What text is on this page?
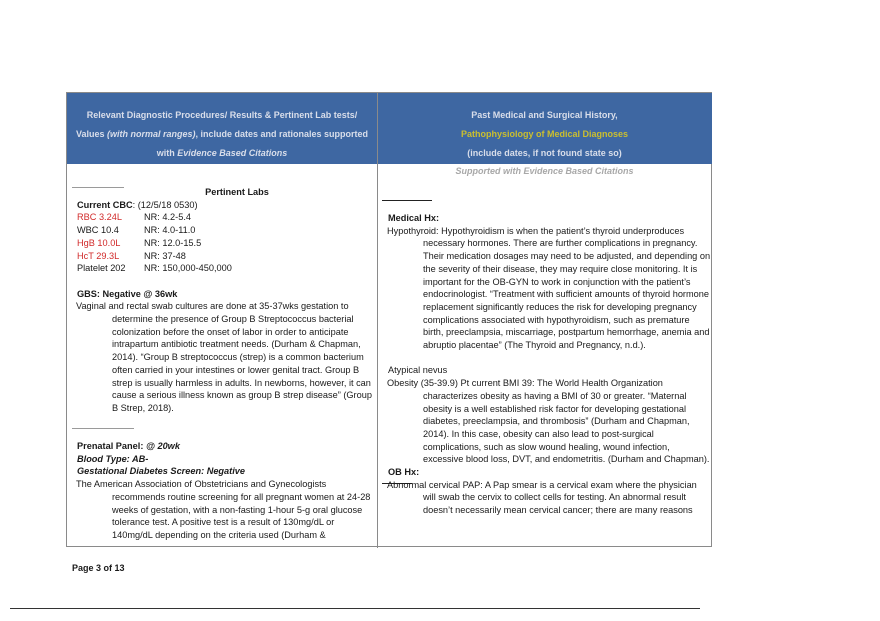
Relevant Diagnostic Procedures/ Results & Pertinent Lab tests/
Values (with normal ranges), include dates and rationales supported
with Evidence Based Citations
Past Medical and Surgical History,
Pathophysiology of Medical Diagnoses
(include dates, if not found state so)
Supported with Evidence Based Citations
Pertinent Labs
Current CBC: (12/5/18 0530)
RBC 3.24L	NR: 4.2-5.4
WBC 10.4	NR: 4.0-11.0
HgB 10.0L	NR: 12.0-15.5
HcT 29.3L	NR: 37-48
Platelet 202	NR: 150,000-450,000
GBS: Negative @ 36wk
Vaginal and rectal swab cultures are done at 35-37wks gestation to determine the presence of Group B Streptococcus bacterial colonization before the onset of labor in order to anticipate intrapartum antibiotic treatment needs. (Durham & Chapman, 2014). “Group B streptococcus (strep) is a common bacterium often carried in your intestines or lower genital tract. Group B strep is usually harmless in adults. In newborns, however, it can cause a serious illness known as group B strep disease” (Group B Strep, 2018).
Prenatal Panel: @ 20wk
Blood Type: AB-
Gestational Diabetes Screen: Negative
The American Association of Obstetricians and Gynecologists recommends routine screening for all pregnant women at 24-28 weeks of gestation, with a non-fasting 1-hour 5-g oral glucose tolerance test. A positive test is a result of 130mg/dL or 140mg/dL depending on the criteria used (Durham &
Medical Hx:
Hypothyroid: Hypothyroidism is when the patient’s thyroid underproduces necessary hormones. There are further complications in pregnancy. Their medication dosages may need to be adjusted, and depending on the severity of their disease, they may require close monitoring. It is important for the OB-GYN to work in conjunction with the patient’s endocrinologist. “Treatment with sufficient amounts of thyroid hormone replacement significantly reduces the risk for developing pregnancy complications associated with hypothyroidism, such as premature birth, preeclampsia, miscarriage, postpartum hemorrhage, anemia and abruptio placentae” (The Thyroid and Pregnancy, n.d.).
Atypical nevus
Obesity (35-39.9) Pt current BMI 39: The World Health Organization characterizes obesity as having a BMI of 30 or greater. “Maternal obesity is a well established risk factor for developing gestational diabetes, preeclampsia, and thrombosis” (Durham and Chapman, 2014). In this case, obesity can also lead to post-surgical complications, such as slow wound healing, wound infection, excessive blood loss, DVT, and endometritis. (Durham and Chapman).
OB Hx:
Abnormal cervical PAP: A Pap smear is a cervical exam where the physician will swab the cervix to collect cells for testing. An abnormal result doesn’t necessarily mean cervical cancer; there are many reasons
Page 3 of 13
